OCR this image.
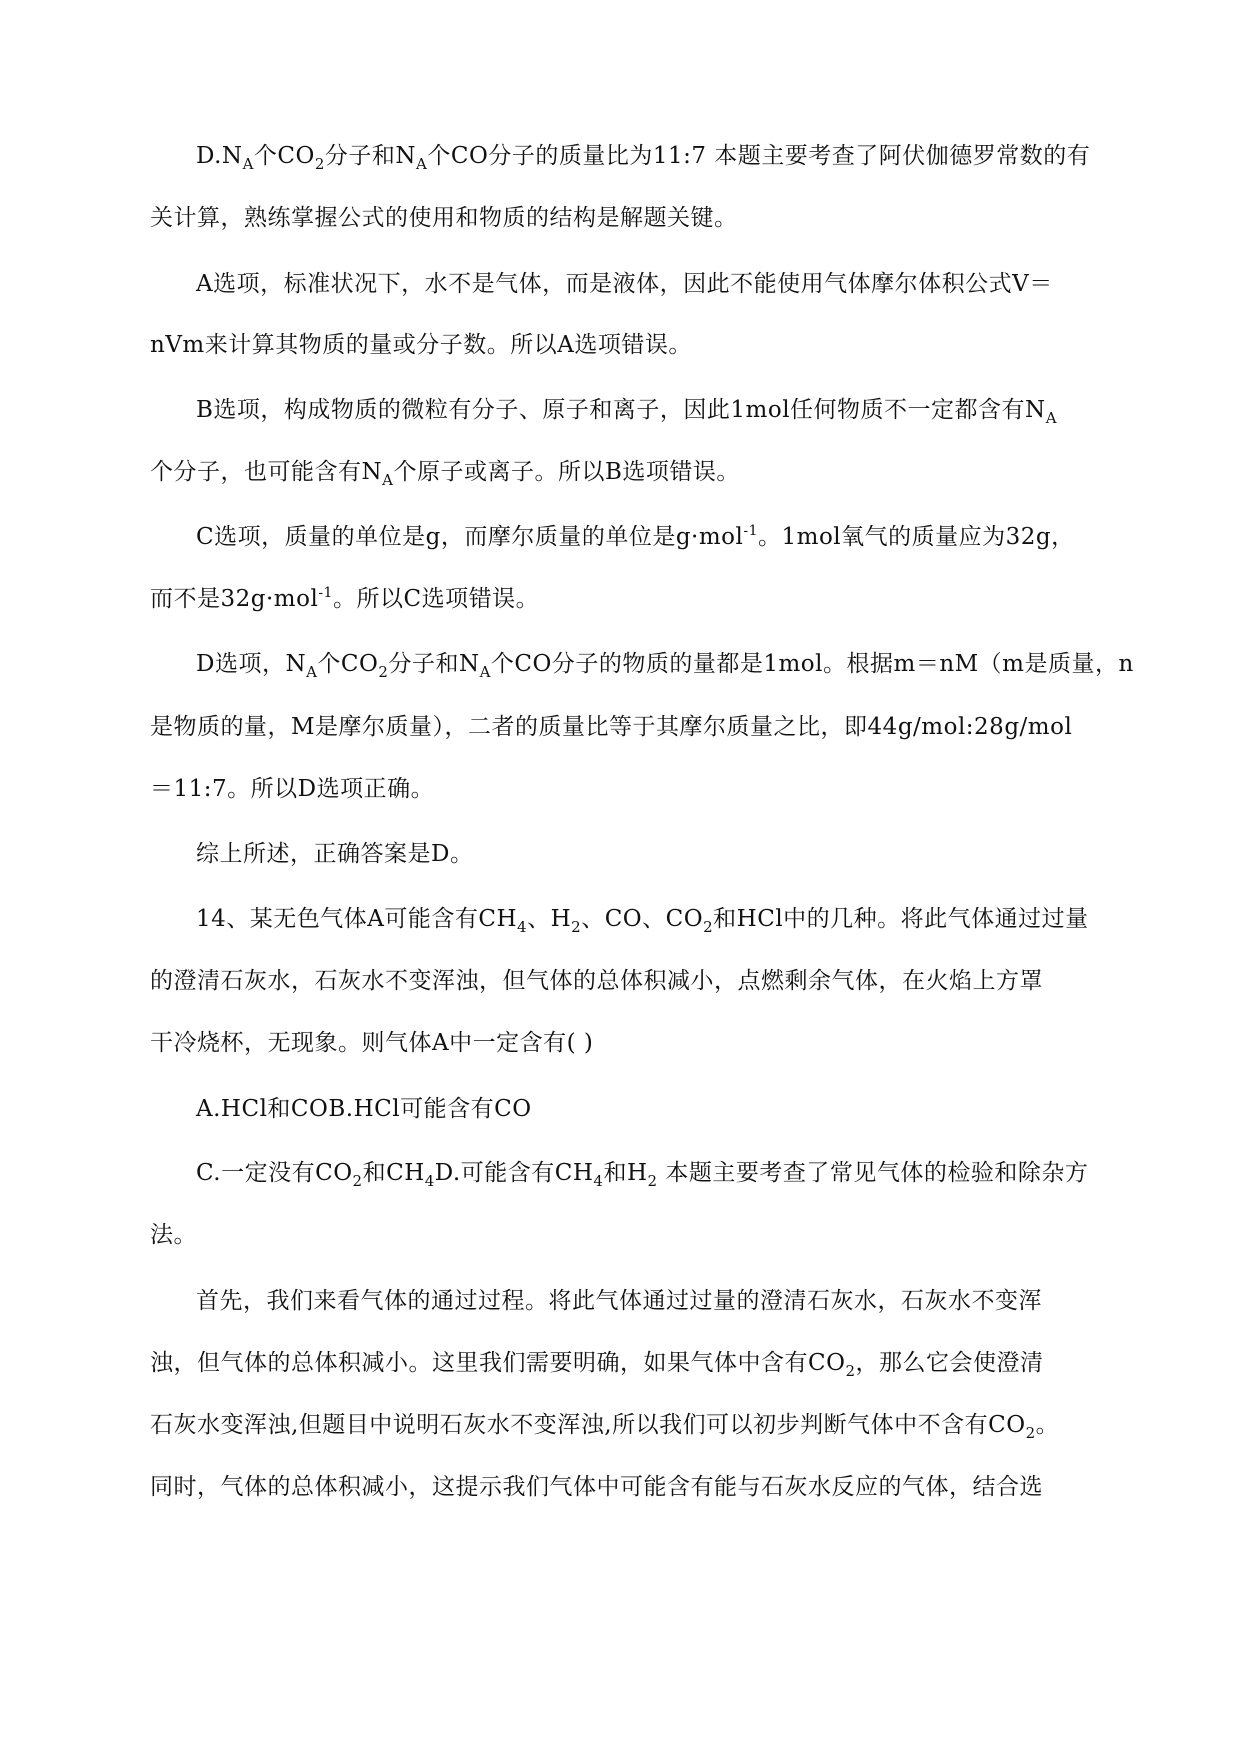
$D.N_A$个$CO_2$分子和$N_A$个CO分子的质量比为11:7 本题主要考查了阿伏伽德罗常数的有
关计算，熟练掌握公式的使用和物质的结构是解题关键。
A选项，标准状况下，水不是气体，而是液体，因此不能使用气体摩尔体积公式V＝
nVm来计算其物质的量或分子数。所以A选项错误。
B选项，构成物质的微粒有分子、原子和离子，因此1mol任何物质不一定都含有$N_A$
个分子，也可能含有$N_A$个原子或离子。所以B选项错误。
C选项，质量的单位是g，而摩尔质量的单位是g·mol$^{-1}$。1mol氧气的质量应为32g，
而不是32g·mol$^{-1}$。所以C选项错误。
D选项，$N_A$个$CO_2$分子和$N_A$个CO分子的物质的量都是1mol。根据m＝nM（m是质量，n
是物质的量，M是摩尔质量），二者的质量比等于其摩尔质量之比，即44g/mol:28g/mol
＝11:7。所以D选项正确。
综上所述，正确答案是D。
14、某无色气体A可能含有$CH_4$、$H_2$、CO、$CO_2$和HCl中的几种。将此气体通过过量
的澄清石灰水，石灰水不变浑浊，但气体的总体积减小，点燃剩余气体，在火焰上方罩
干冷烧杯，无现象。则气体A中一定含有( )
A.HCl和COB.HCl可能含有CO
C.一定没有$CO_2$和$CH_4D$.可能含有$CH_4$和$H_2$ 本题主要考查了常见气体的检验和除杂方
法。
首先，我们来看气体的通过过程。将此气体通过过量的澄清石灰水，石灰水不变浑
浊，但气体的总体积减小。这里我们需要明确，如果气体中含有$CO_2$，那么它会使澄清
石灰水变浑浊,但题目中说明石灰水不变浑浊,所以我们可以初步判断气体中不含有$CO_2$。
同时，气体的总体积减小，这提示我们气体中可能含有能与石灰水反应的气体，结合选
